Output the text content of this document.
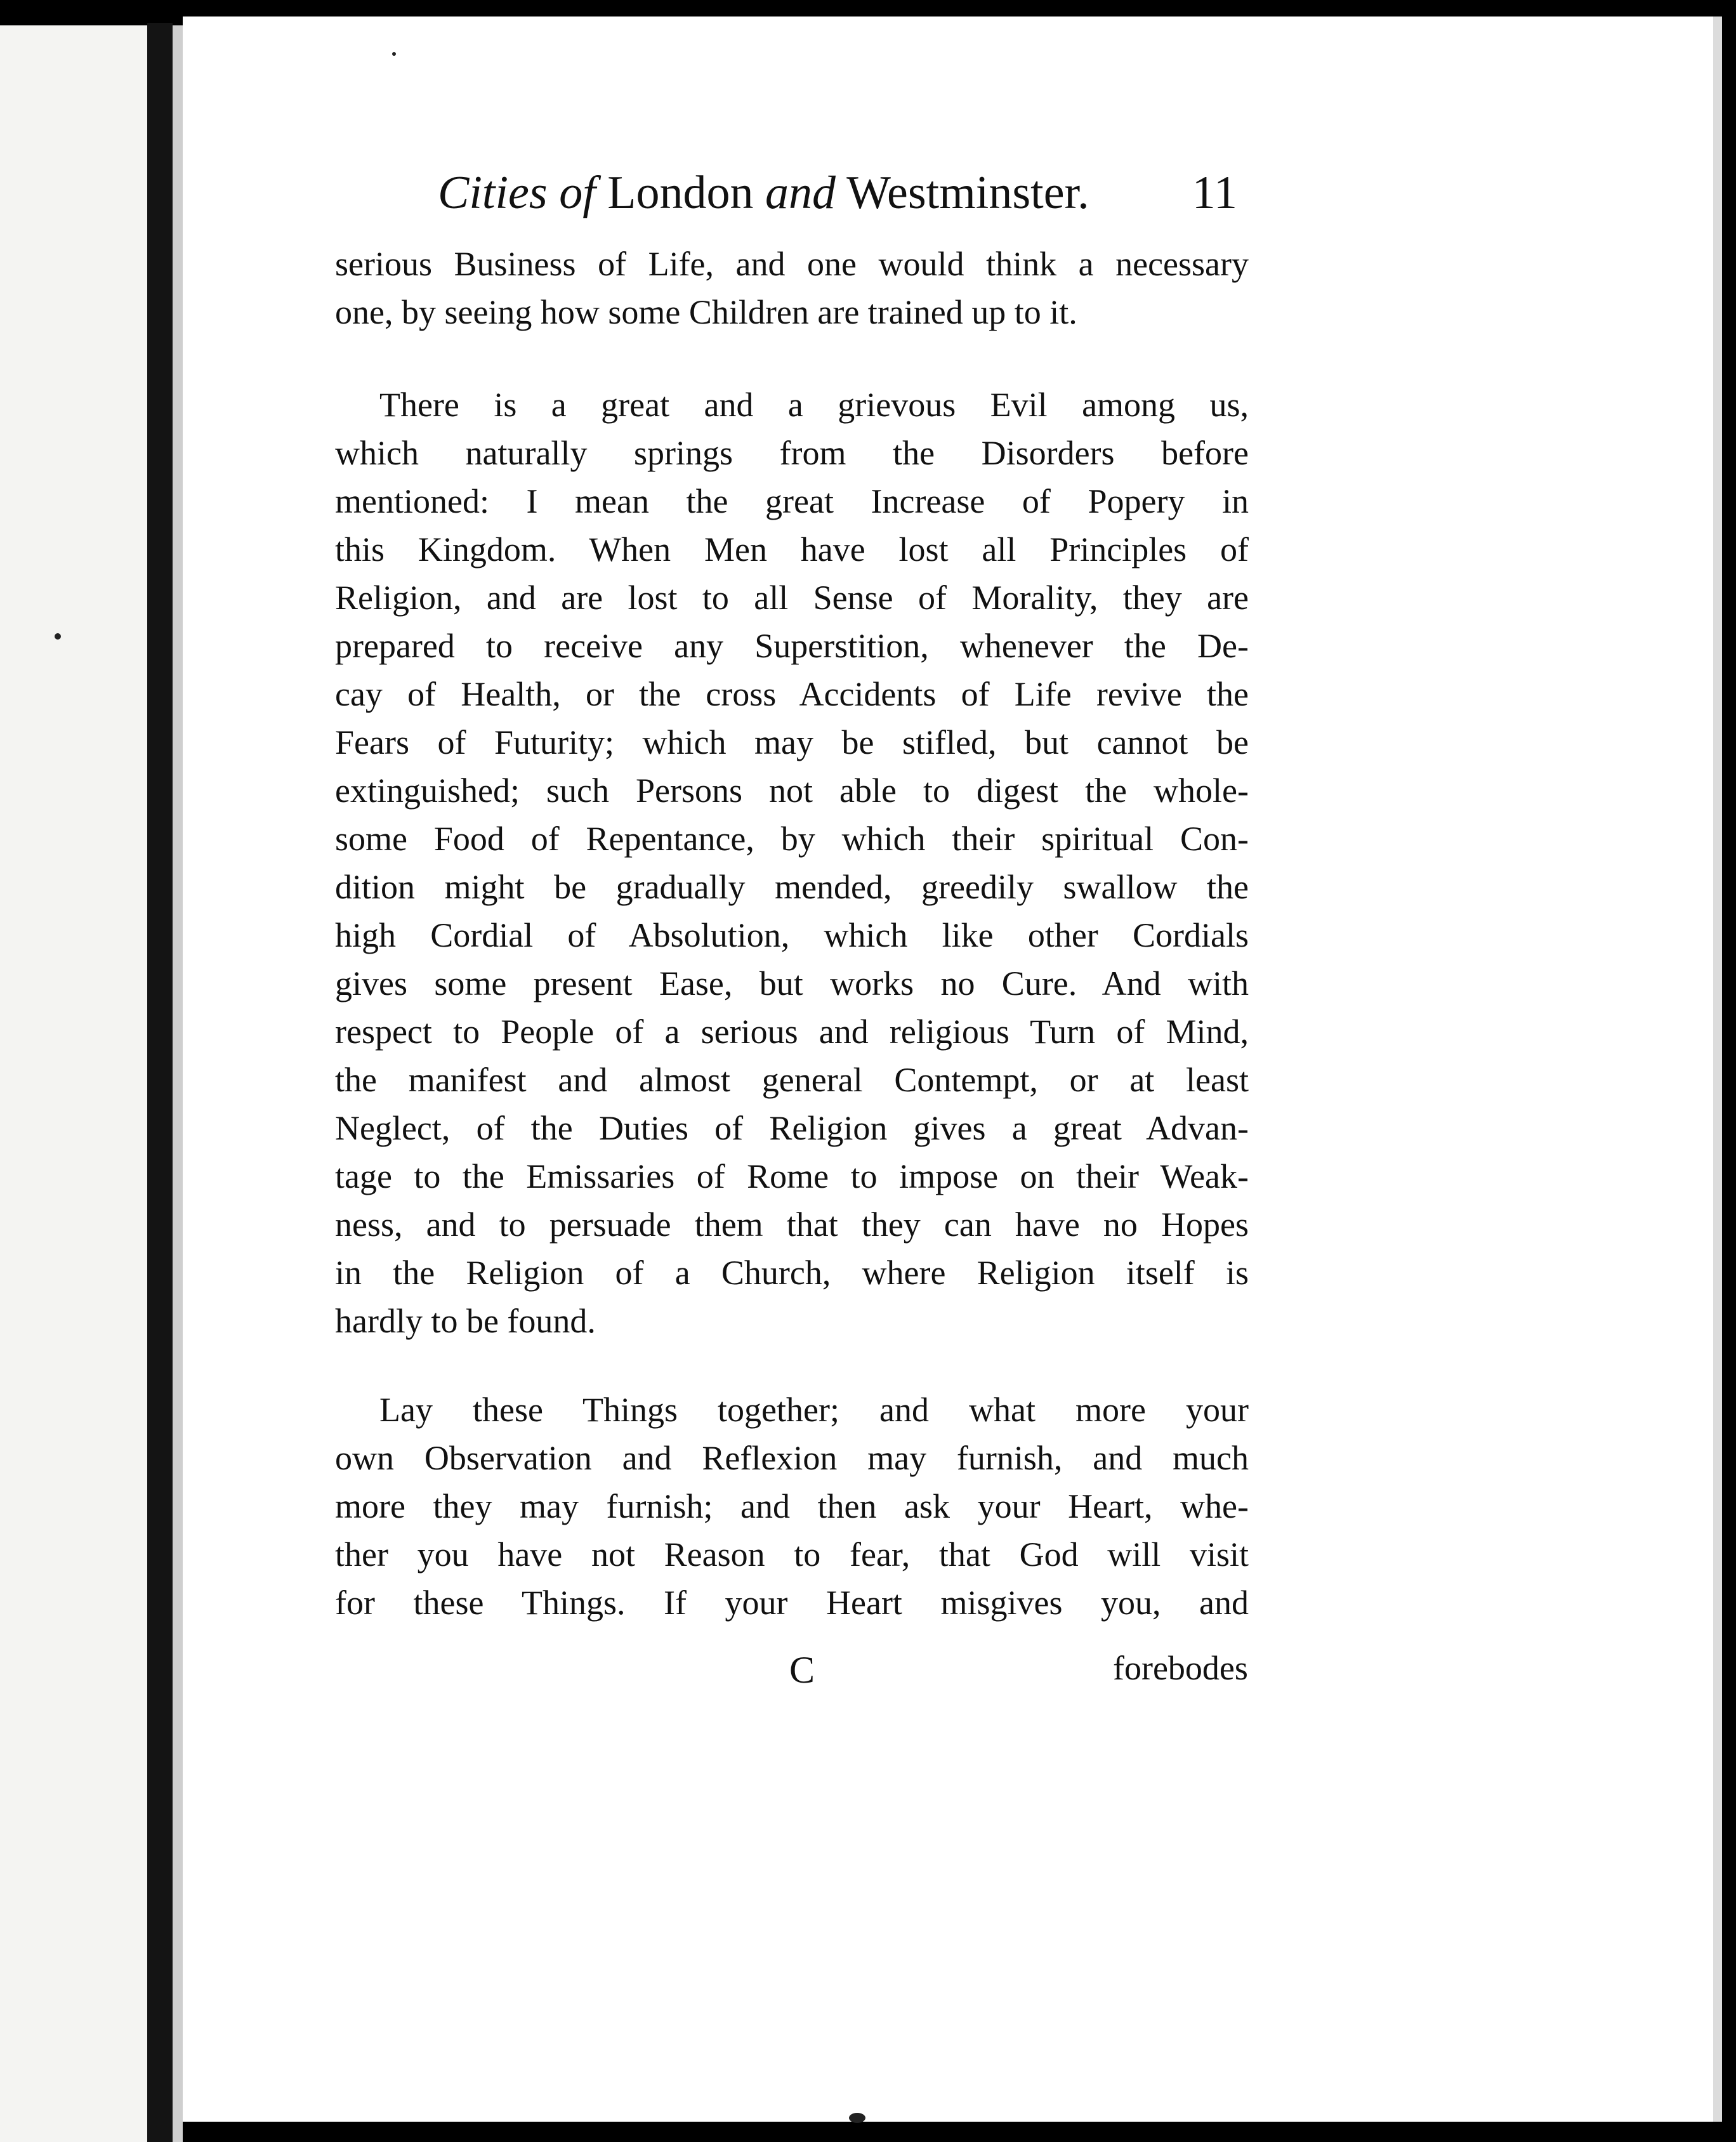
Cities of London and Westminster. 11
serious Business of Life, and one would think a necessary
one, by seeing how some Children are trained up to it.
There is a great and a grievous Evil among us,
which naturally springs from the Disorders before
mentioned: I mean the great Increase of Popery in
this Kingdom. When Men have lost all Principles of
Religion, and are lost to all Sense of Morality, they are
prepared to receive any Superstition, whenever the De-
cay of Health, or the cross Accidents of Life revive the
Fears of Futurity; which may be stifled, but cannot be
extinguished; such Persons not able to digest the whole-
some Food of Repentance, by which their spiritual Con-
dition might be gradually mended, greedily swallow the
high Cordial of Absolution, which like other Cordials
gives some present Ease, but works no Cure. And with
respect to People of a serious and religious Turn of Mind,
the manifest and almost general Contempt, or at least
Neglect, of the Duties of Religion gives a great Advan-
tage to the Emissaries of Rome to impose on their Weak-
ness, and to persuade them that they can have no Hopes
in the Religion of a Church, where Religion itself is
hardly to be found.
Lay these Things together; and what more your
own Observation and Reflexion may furnish, and much
more they may furnish; and then ask your Heart, whe-
ther you have not Reason to fear, that God will visit
for these Things. If your Heart misgives you, and
C	forebodes
